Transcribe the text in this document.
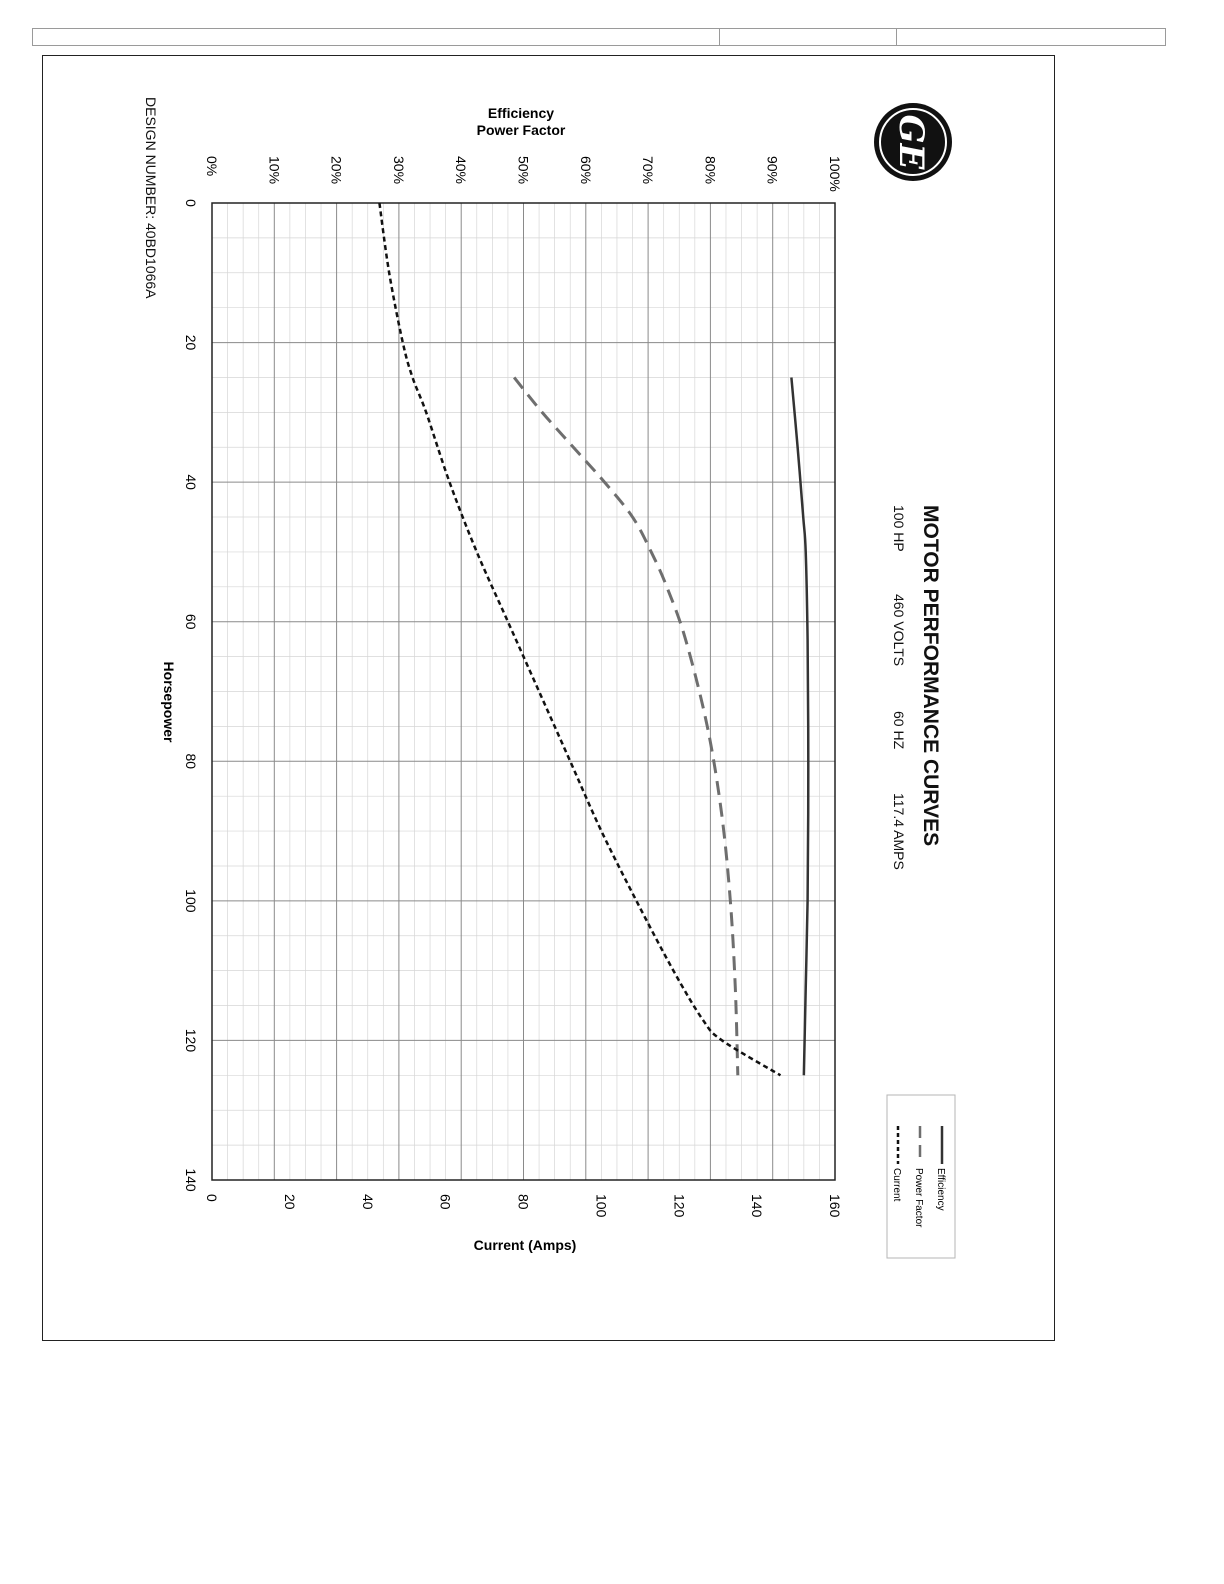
GE
MOTOR PERFORMANCE CURVES
100 HP
460 VOLTS
60 HZ
117.4 AMPS
DESIGN NUMBER: 40BD1066A	Efficiency
Power Factor
Current (Amps)
Horsepower
0%	10%	20%	30%	40%	50%	60%	70%	80%	90%	100%
0	20	40	60	80	100	120	140	160
0
20
40
60
80
100
120
140	Efficiency
Power Factor
Current
